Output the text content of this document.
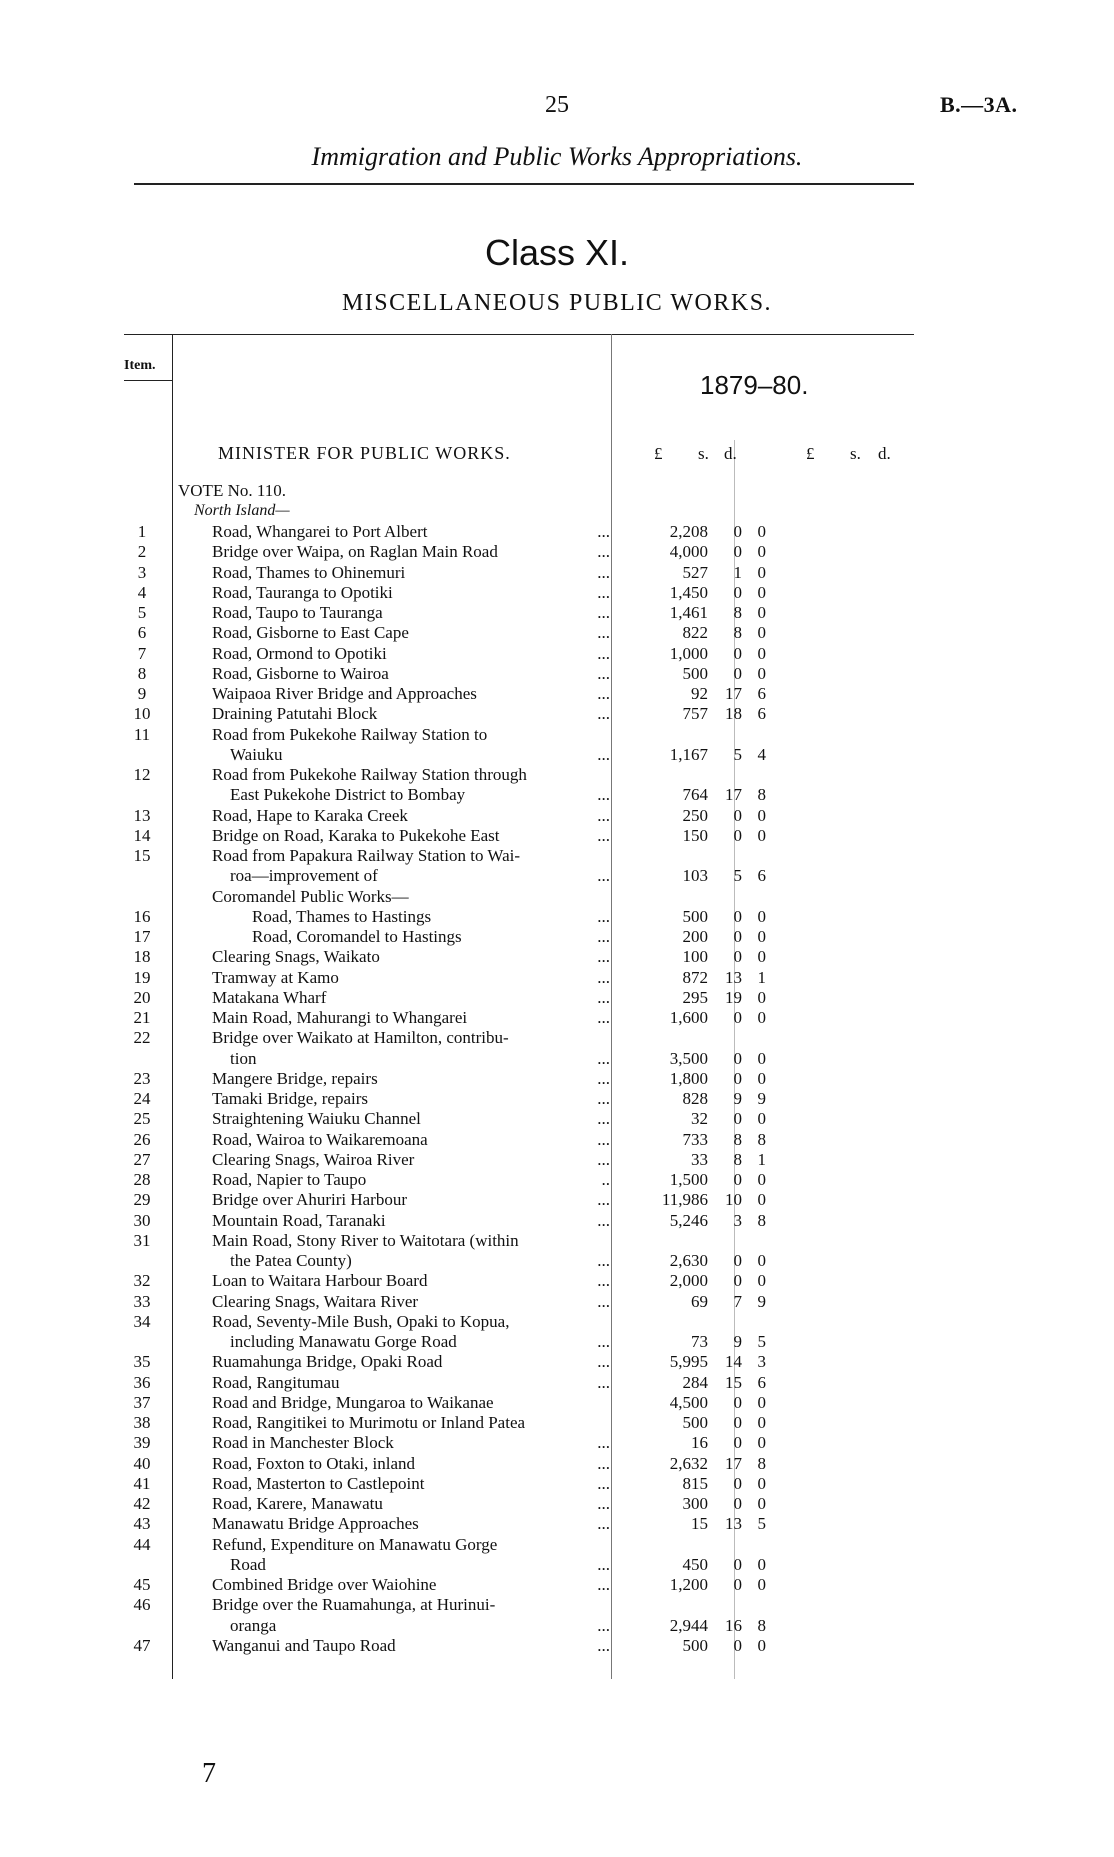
25	B.—3A.
Immigration and Public Works Appropriations.
Class XI.
MISCELLANEOUS PUBLIC WORKS.
Item.
1879–80.
MINISTER FOR PUBLIC WORKS.	£ s. d.	£ s. d.
VOTE No. 110.
North Island—
1	Road, Whangarei to Port Albert	...	2,208	0 0
2	Bridge over Waipa, on Raglan Main Road	...	4,000	0 0
3	Road, Thames to Ohinemuri	...	527	1 0
4	Road, Tauranga to Opotiki	...	1,450	0 0
5	Road, Taupo to Tauranga	...	1,461	8 0
6	Road, Gisborne to East Cape	...	822	8 0
7	Road, Ormond to Opotiki	...	1,000	0 0
8	Road, Gisborne to Wairoa	...	500	0 0
9	Waipaoa River Bridge and Approaches	...	92	17 6
10	Draining Patutahi Block	...	757	18 6
11	Road from Pukekohe Railway Station to
Waiuku	...	1,167	5 4
12	Road from Pukekohe Railway Station through
East Pukekohe District to Bombay	...	764	17 8
13	Road, Hape to Karaka Creek	...	250	0 0
14	Bridge on Road, Karaka to Pukekohe East	...	150	0 0
15	Road from Papakura Railway Station to Wai-
roa—improvement of	...	103	5 6
Coromandel Public Works—
16	Road, Thames to Hastings	...	500	0 0
17	Road, Coromandel to Hastings	...	200	0 0
18	Clearing Snags, Waikato	...	100	0 0
19	Tramway at Kamo	...	872	13 1
20	Matakana Wharf	...	295	19 0
21	Main Road, Mahurangi to Whangarei	...	1,600	0 0
22	Bridge over Waikato at Hamilton, contribu-
tion	...	3,500	0 0
23	Mangere Bridge, repairs	...	1,800	0 0
24	Tamaki Bridge, repairs	...	828	9 9
25	Straightening Waiuku Channel	...	32	0 0
26	Road, Wairoa to Waikaremoana	...	733	8 8
27	Clearing Snags, Wairoa River	...	33	8 1
28	Road, Napier to Taupo	..	1,500	0 0
29	Bridge over Ahuriri Harbour	...	11,986	10 0
30	Mountain Road, Taranaki	...	5,246	3 8
31	Main Road, Stony River to Waitotara (within
the Patea County)	...	2,630	0 0
32	Loan to Waitara Harbour Board	...	2,000	0 0
33	Clearing Snags, Waitara River	...	69	7 9
34	Road, Seventy-Mile Bush, Opaki to Kopua,
including Manawatu Gorge Road	...	73	9 5
35	Ruamahunga Bridge, Opaki Road	...	5,995	14 3
36	Road, Rangitumau	...	284	15 6
37	Road and Bridge, Mungaroa to Waikanae	4,500	0 0
38	Road, Rangitikei to Murimotu or Inland Patea	500	0 0
39	Road in Manchester Block	...	16	0 0
40	Road, Foxton to Otaki, inland	...	2,632	17 8
41	Road, Masterton to Castlepoint	...	815	0 0
42	Road, Karere, Manawatu	...	300	0 0
43	Manawatu Bridge Approaches	...	15	13 5
44	Refund, Expenditure on Manawatu Gorge
Road	...	450	0 0
45	Combined Bridge over Waiohine	...	1,200	0 0
46	Bridge over the Ruamahunga, at Hurinui-
oranga	...	2,944	16 8
47	Wanganui and Taupo Road	...	500	0 0
7
